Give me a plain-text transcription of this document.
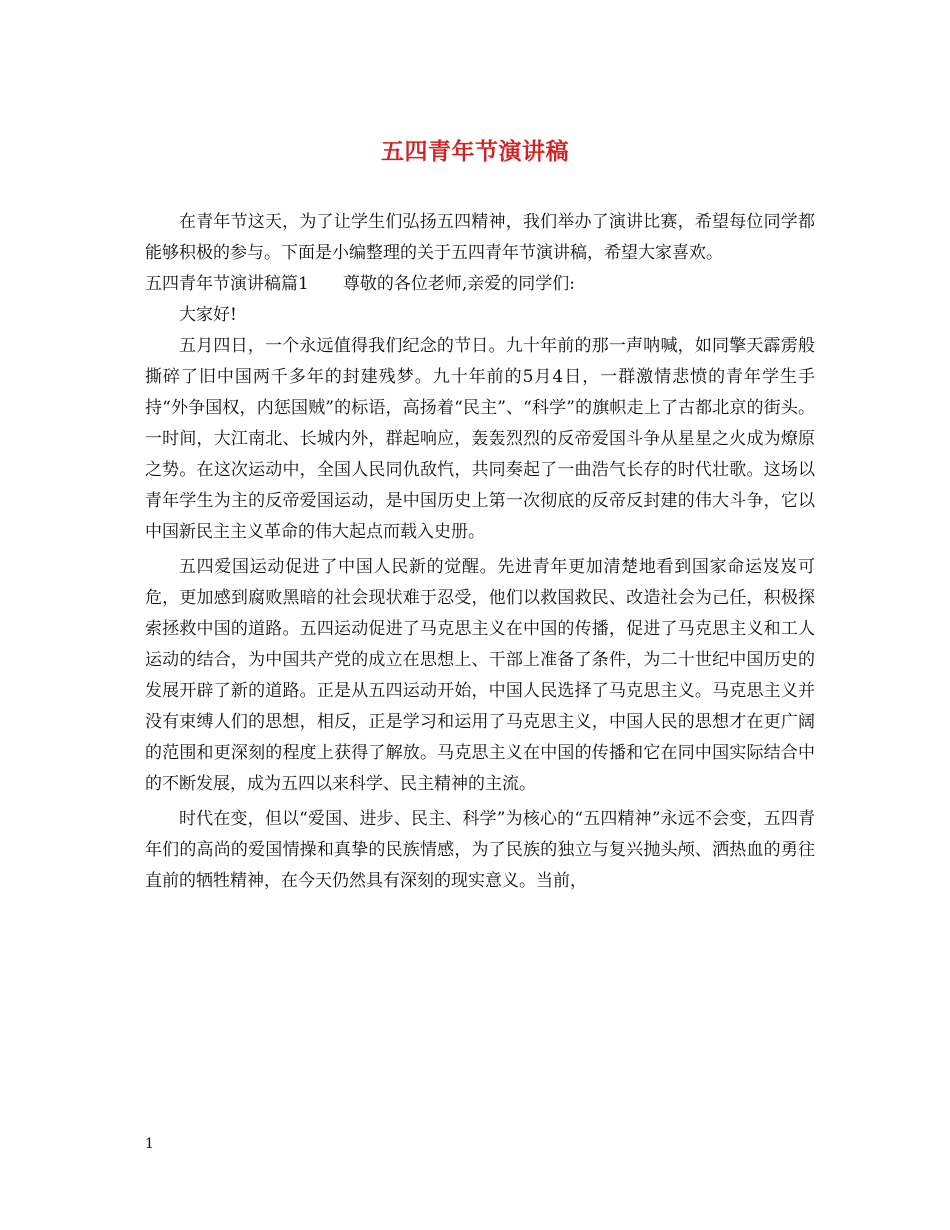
五四青年节演讲稿

在青年节这天，为了让学生们弘扬五四精神，我们举办了演讲比赛，希望每位同学都能够积极的参与。下面是小编整理的关于五四青年节演讲稿，希望大家喜欢。

五四青年节演讲稿篇1　　尊敬的各位老师,亲爱的同学们:

大家好!

五月四日，一个永远值得我们纪念的节日。九十年前的那一声呐喊，如同擎天霹雳般撕碎了旧中国两千多年的封建残梦。九十年前的5月4日，一群激情悲愤的青年学生手持“外争国权，内惩国贼”的标语，高扬着“民主”、“科学”的旗帜走上了古都北京的街头。一时间，大江南北、长城内外，群起响应，轰轰烈烈的反帝爱国斗争从星星之火成为燎原之势。在这次运动中，全国人民同仇敌忾，共同奏起了一曲浩气长存的时代壮歌。这场以青年学生为主的反帝爱国运动，是中国历史上第一次彻底的反帝反封建的伟大斗争，它以中国新民主主义革命的伟大起点而载入史册。

五四爱国运动促进了中国人民新的觉醒。先进青年更加清楚地看到国家命运岌岌可危，更加感到腐败黑暗的社会现状难于忍受，他们以救国救民、改造社会为己任，积极探索拯救中国的道路。五四运动促进了马克思主义在中国的传播，促进了马克思主义和工人运动的结合，为中国共产党的成立在思想上、干部上准备了条件，为二十世纪中国历史的发展开辟了新的道路。正是从五四运动开始，中国人民选择了马克思主义。马克思主义并没有束缚人们的思想，相反，正是学习和运用了马克思主义，中国人民的思想才在更广阔的范围和更深刻的程度上获得了解放。马克思主义在中国的传播和它在同中国实际结合中的不断发展，成为五四以来科学、民主精神的主流。

时代在变，但以“爱国、进步、民主、科学”为核心的“五四精神”永远不会变，五四青年们的高尚的爱国情操和真挚的民族情感，为了民族的独立与复兴抛头颅、洒热血的勇往直前的牺牲精神，在今天仍然具有深刻的现实意义。当前，

1
